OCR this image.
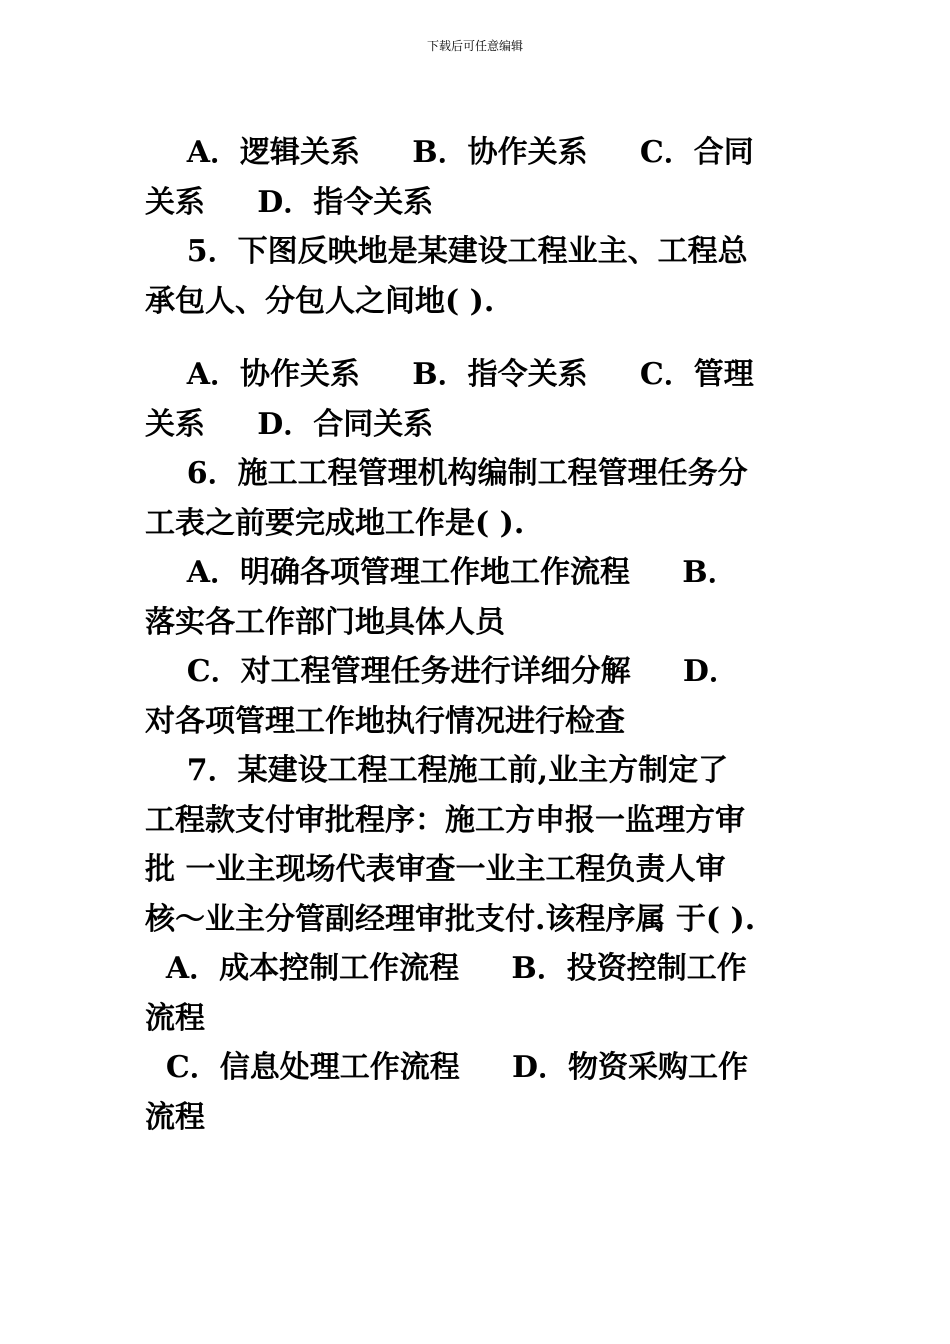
下载后可任意编辑
A．逻辑关系     B．协作关系     C．合同
关系     D．指令关系
5．下图反映地是某建设工程业主、工程总
承包人、分包人之间地( ).
A．协作关系     B．指令关系     C．管理
关系     D．合同关系
6．施工工程管理机构编制工程管理任务分
工表之前要完成地工作是( ).
A．明确各项管理工作地工作流程     B．
落实各工作部门地具体人员
C．对工程管理任务进行详细分解     D．
对各项管理工作地执行情况进行检查
7．某建设工程工程施工前,业主方制定了
工程款支付审批程序：施工方申报一监理方审
批 一业主现场代表审查一业主工程负责人审
核～业主分管副经理审批支付.该程序属 于( ).
A．成本控制工作流程     B．投资控制工作
流程
C．信息处理工作流程     D．物资采购工作
流程
